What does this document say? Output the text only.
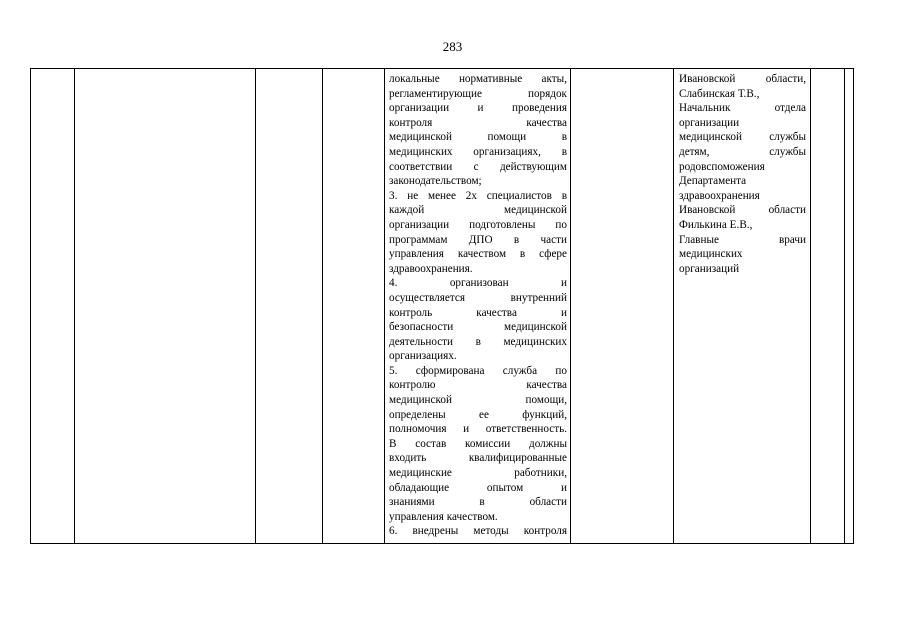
283
локальные нормативные акты,
регламентирующие порядок
организации и проведения
контроля качества
медицинской помощи в
медицинских организациях, в
соответствии с действующим
законодательством;
3. не менее 2х специалистов в
каждой медицинской
организации подготовлены по
программам ДПО в части
управления качеством в сфере
здравоохранения.
4. организован и
осуществляется внутренний
контроль качества и
безопасности медицинской
деятельности в медицинских
организациях.
5. сформирована служба по
контролю качества
медицинской помощи,
определены ее функций,
полномочия и ответственность.
В состав комиссии должны
входить квалифицированные
медицинские работники,
обладающие опытом и
знаниями в области
управления качеством.
6. внедрены методы контроля
Ивановской области,
Слабинская Т.В.,
Начальник отдела
организации
медицинской службы
детям, службы
родовспоможения
Департамента
здравоохранения
Ивановской области
Филькина Е.В.,
Главные врачи
медицинских
организаций
